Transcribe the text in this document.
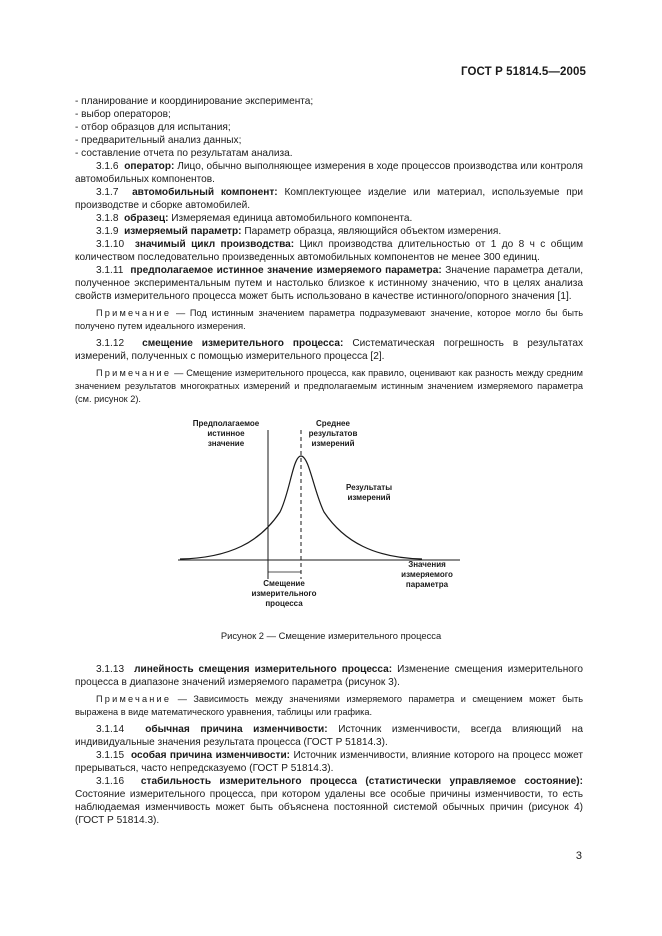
ГОСТ Р 51814.5—2005

- планирование и координирование эксперимента;

- выбор операторов;

- отбор образцов для испытания;

- предварительный анализ данных;

- составление отчета по результатам анализа.

3.1.6 оператор: Лицо, обычно выполняющее измерения в ходе процессов производства или контроля автомобильных компонентов.

3.1.7 автомобильный компонент: Комплектующее изделие или материал, используемые при производстве и сборке автомобилей.

3.1.8 образец: Измеряемая единица автомобильного компонента.

3.1.9 измеряемый параметр: Параметр образца, являющийся объектом измерения.

3.1.10 значимый цикл производства: Цикл производства длительностью от 1 до 8 ч с общим количеством последовательно произведенных автомобильных компонентов не менее 300 единиц.

3.1.11 предполагаемое истинное значение измеряемого параметра: Значение параметра детали, полученное экспериментальным путем и настолько близкое к истинному значению, что в целях анализа свойств измерительного процесса может быть использовано в качестве истинного/опорного значения [1].

Примечание — Под истинным значением параметра подразумевают значение, которое могло бы быть получено путем идеального измерения.

3.1.12 смещение измерительного процесса: Систематическая погрешность в результатах измерений, полученных с помощью измерительного процесса [2].

Примечание — Смещение измерительного процесса, как правило, оценивают как разность между средним значением результатов многократных измерений и предполагаемым истинным значением измеряемого параметра (см. рисунок 2).

Предполагаемое истинное значение
Среднее результатов измерений
Результаты измерений
Смещение измерительного процесса
Значения измеряемого параметра
Рисунок 2 — Смещение измерительного процесса

3.1.13 линейность смещения измерительного процесса: Изменение смещения измерительного процесса в диапазоне значений измеряемого параметра (рисунок 3).

Примечание — Зависимость между значениями измеряемого параметра и смещением может быть выражена в виде математического уравнения, таблицы или графика.

3.1.14 обычная причина изменчивости: Источник изменчивости, всегда влияющий на индивидуальные значения результата процесса (ГОСТ Р 51814.3).

3.1.15 особая причина изменчивости: Источник изменчивости, влияние которого на процесс может прерываться, часто непредсказуемо (ГОСТ Р 51814.3).

3.1.16 стабильность измерительного процесса (статистически управляемое состояние): Состояние измерительного процесса, при котором удалены все особые причины изменчивости, то есть наблюдаемая изменчивость может быть объяснена постоянной системой обычных причин (рисунок 4) (ГОСТ Р 51814.3).

3
